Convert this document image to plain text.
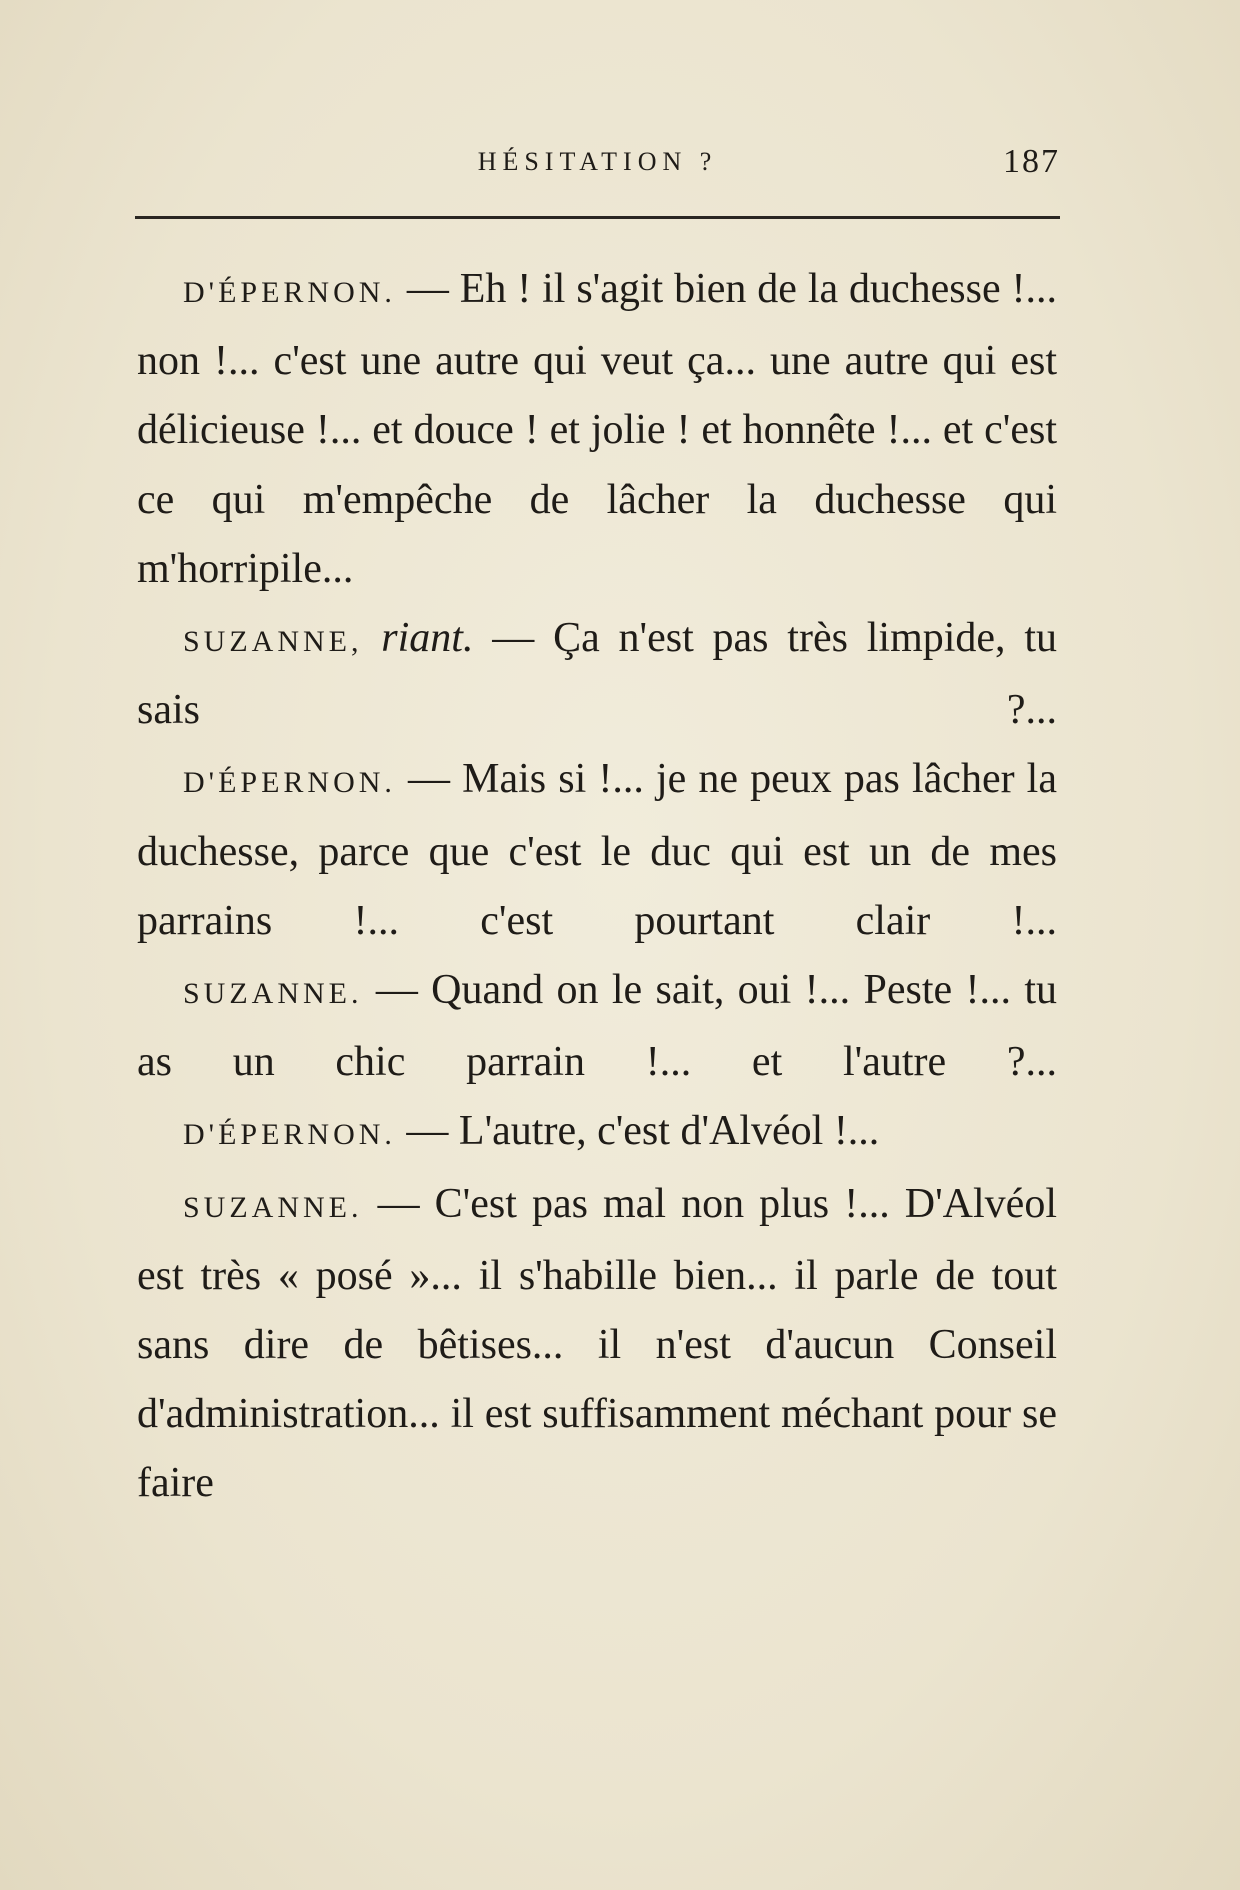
HÉSITATION ?	187

D'ÉPERNON. — Eh ! il s'agit bien de la duchesse !... non !... c'est une autre qui veut ça... une autre qui est délicieuse !... et douce ! et jolie ! et honnête !... et c'est ce qui m'empêche de lâcher la duchesse qui m'horripile...

SUZANNE, riant. — Ça n'est pas très limpide, tu sais ?...

D'ÉPERNON. — Mais si !... je ne peux pas lâcher la duchesse, parce que c'est le duc qui est un de mes parrains !... c'est pourtant clair !...

SUZANNE. — Quand on le sait, oui !... Peste !... tu as un chic parrain !... et l'autre ?...

D'ÉPERNON. — L'autre, c'est d'Alvéol !...

SUZANNE. — C'est pas mal non plus !... D'Alvéol est très « posé »... il s'habille bien... il parle de tout sans dire de bêtises... il n'est d'aucun Conseil d'administration... il est suffisamment méchant pour se faire
